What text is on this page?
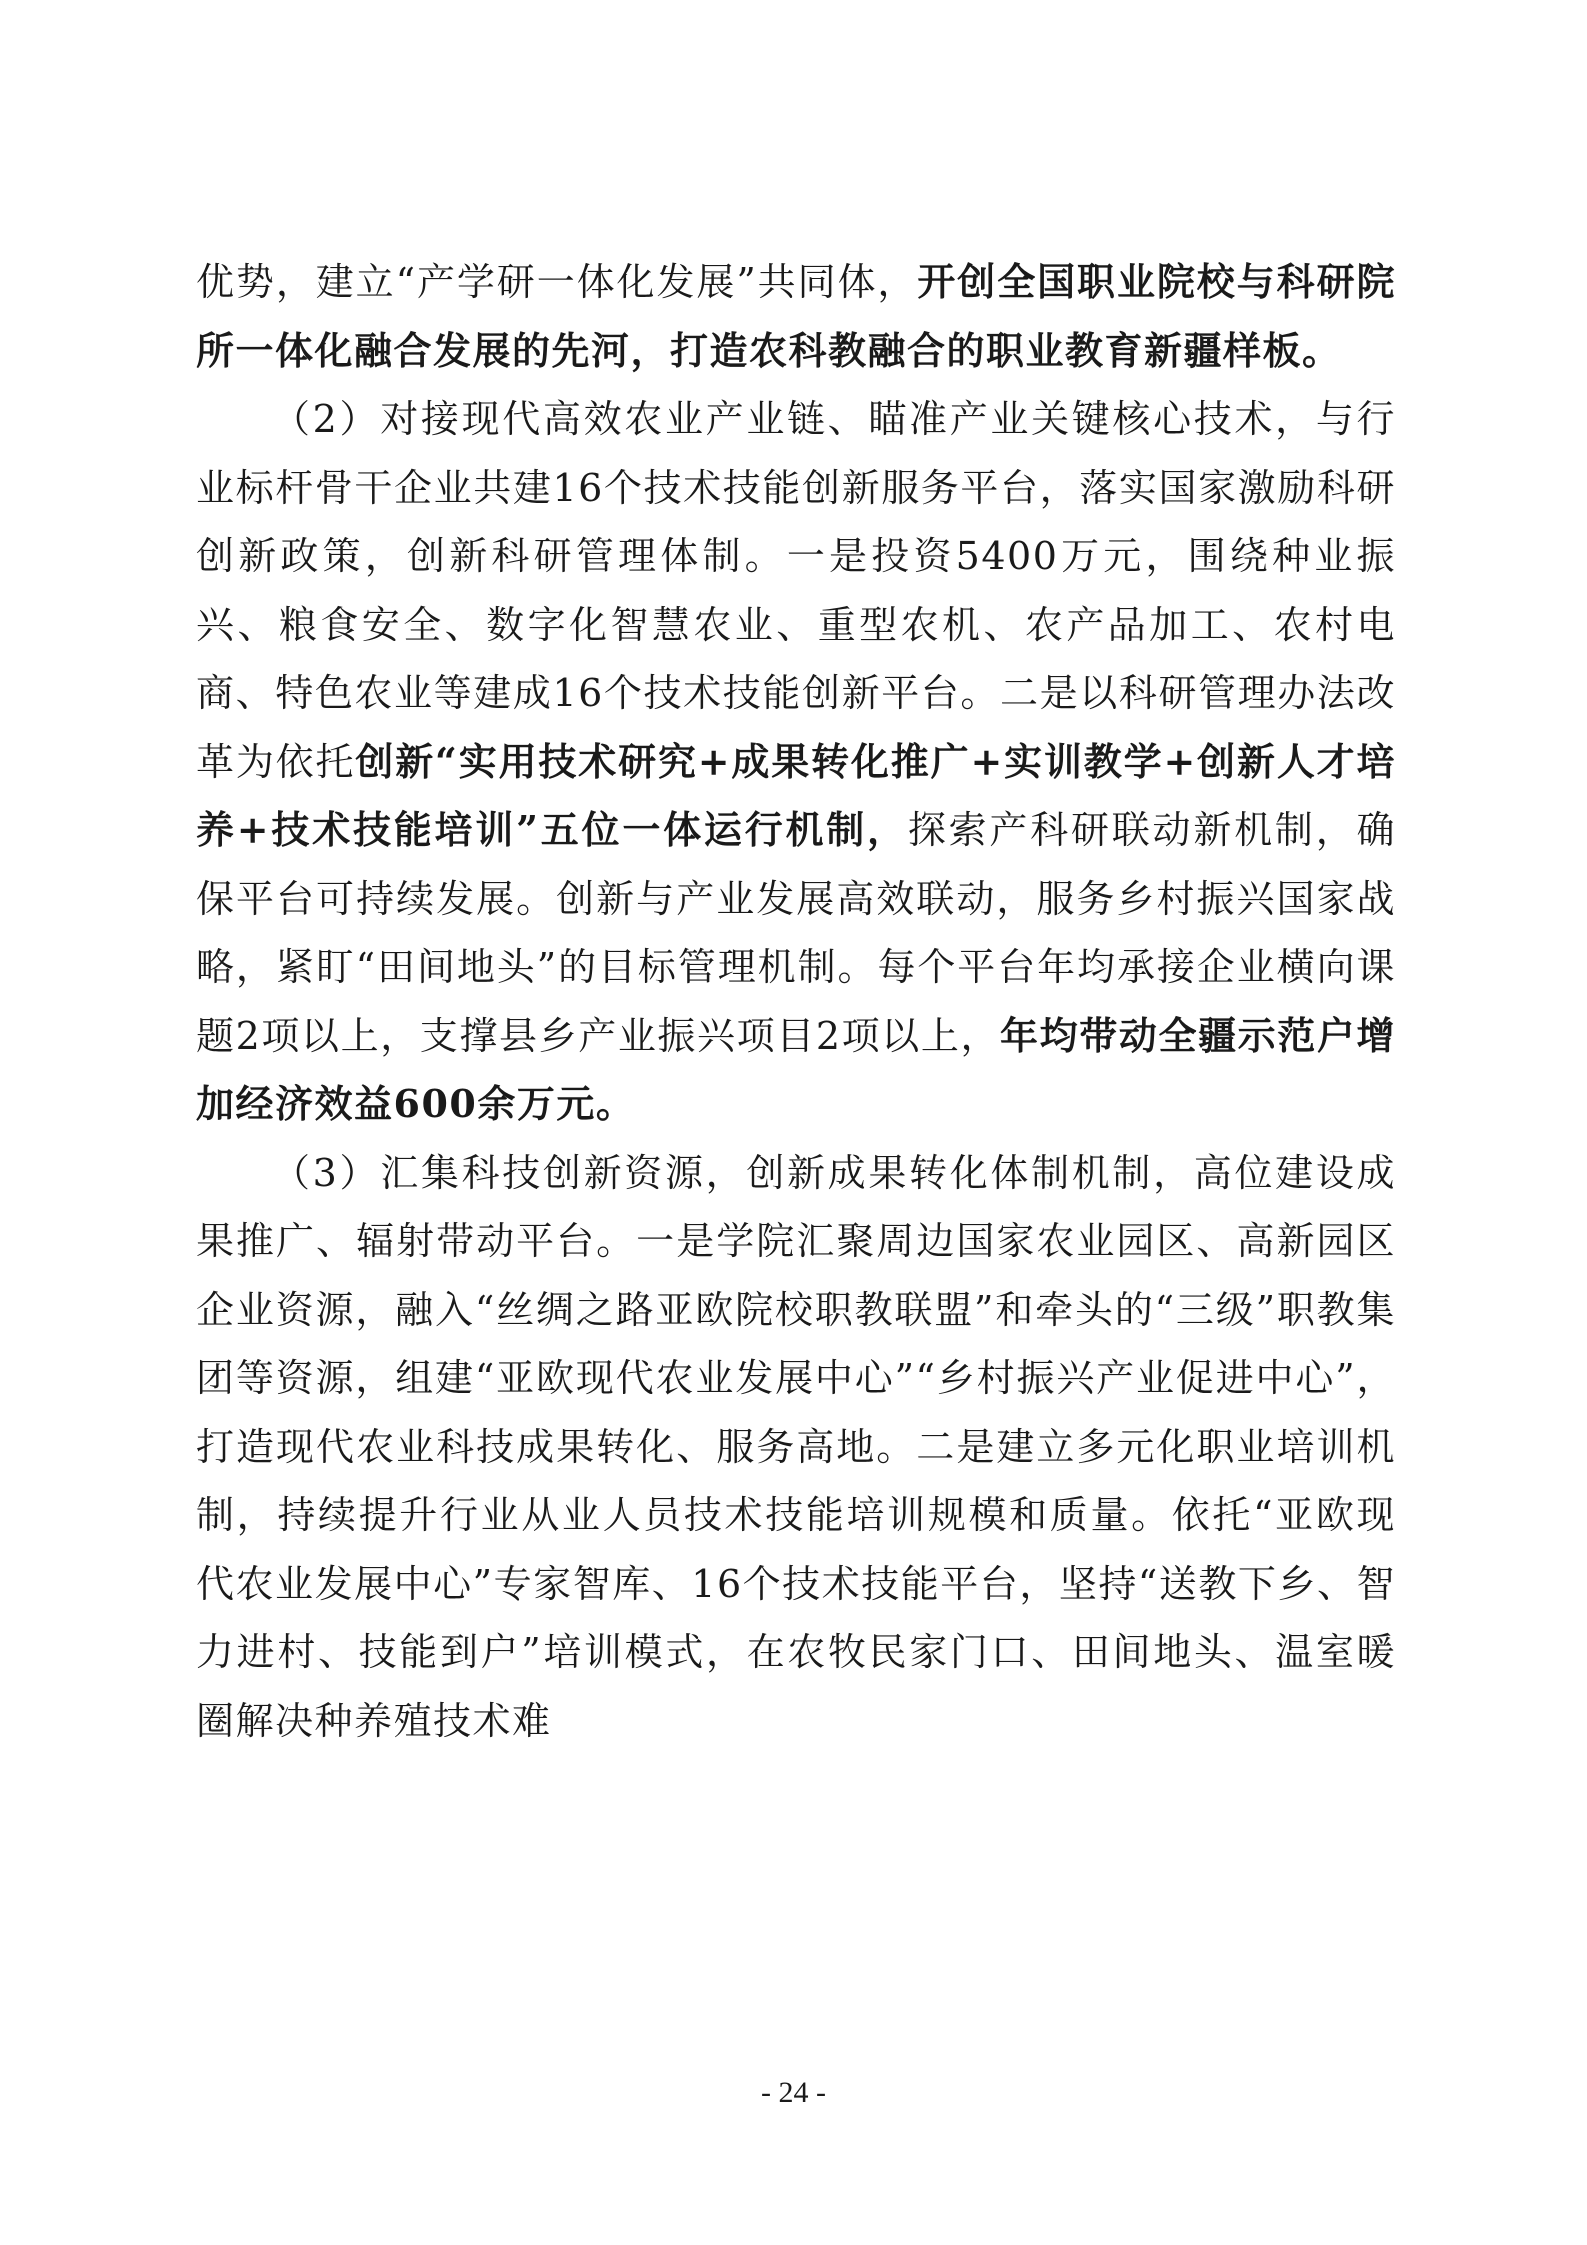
优势，建立“产学研一体化发展”共同体，开创全国职业院校与科研院所一体化融合发展的先河，打造农科教融合的职业教育新疆样板。

（2）对接现代高效农业产业链、瞄准产业关键核心技术，与行业标杆骨干企业共建16个技术技能创新服务平台，落实国家激励科研创新政策，创新科研管理体制。一是投资5400万元，围绕种业振兴、粮食安全、数字化智慧农业、重型农机、农产品加工、农村电商、特色农业等建成16个技术技能创新平台。二是以科研管理办法改革为依托创新“实用技术研究+成果转化推广+实训教学+创新人才培养+技术技能培训”五位一体运行机制，探索产科研联动新机制，确保平台可持续发展。创新与产业发展高效联动，服务乡村振兴国家战略，紧盯“田间地头”的目标管理机制。每个平台年均承接企业横向课题2项以上，支撑县乡产业振兴项目2项以上，年均带动全疆示范户增加经济效益600余万元。

（3）汇集科技创新资源，创新成果转化体制机制，高位建设成果推广、辐射带动平台。一是学院汇聚周边国家农业园区、高新园区企业资源，融入“丝绸之路亚欧院校职教联盟”和牵头的“三级”职教集团等资源，组建“亚欧现代农业发展中心”“乡村振兴产业促进中心”，打造现代农业科技成果转化、服务高地。二是建立多元化职业培训机制，持续提升行业从业人员技术技能培训规模和质量。依托“亚欧现代农业发展中心”专家智库、16个技术技能平台，坚持“送教下乡、智力进村、技能到户”培训模式，在农牧民家门口、田间地头、温室暖圈解决种养殖技术难

- 24 -
